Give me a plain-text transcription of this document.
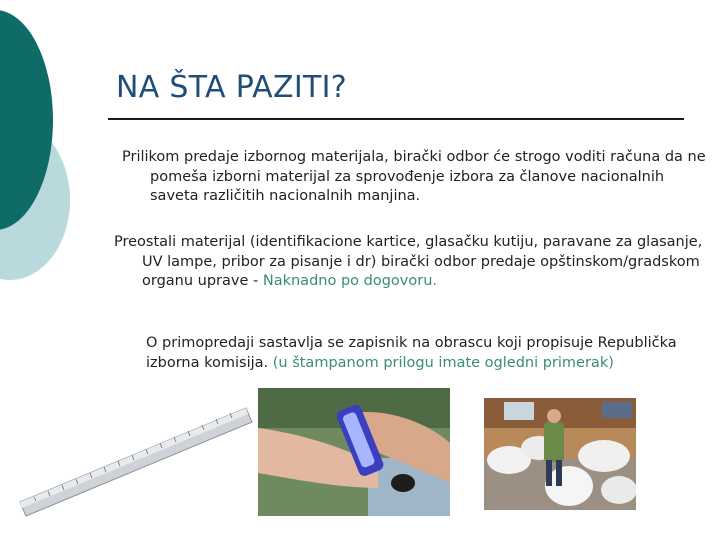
NA ŠTA PAZITI?
Prilikom predaje izbornog materijala, birački odbor će strogo voditi računa da ne pomeša izborni materijal za sprovođenje izbora za članove nacionalnih saveta različitih nacionalnih manjina.
Preostali materijal (identifikacione kartice, glasačku kutiju, paravane za glasanje, UV lampe, pribor za pisanje i dr) birački odbor predaje opštinskom/gradskom organu uprave - Naknadno po dogovoru.
O primopredaji sastavlja se zapisnik na obrascu koji propisuje Republička izborna komisija. (u štampanom prilogu imate ogledni primerak)
